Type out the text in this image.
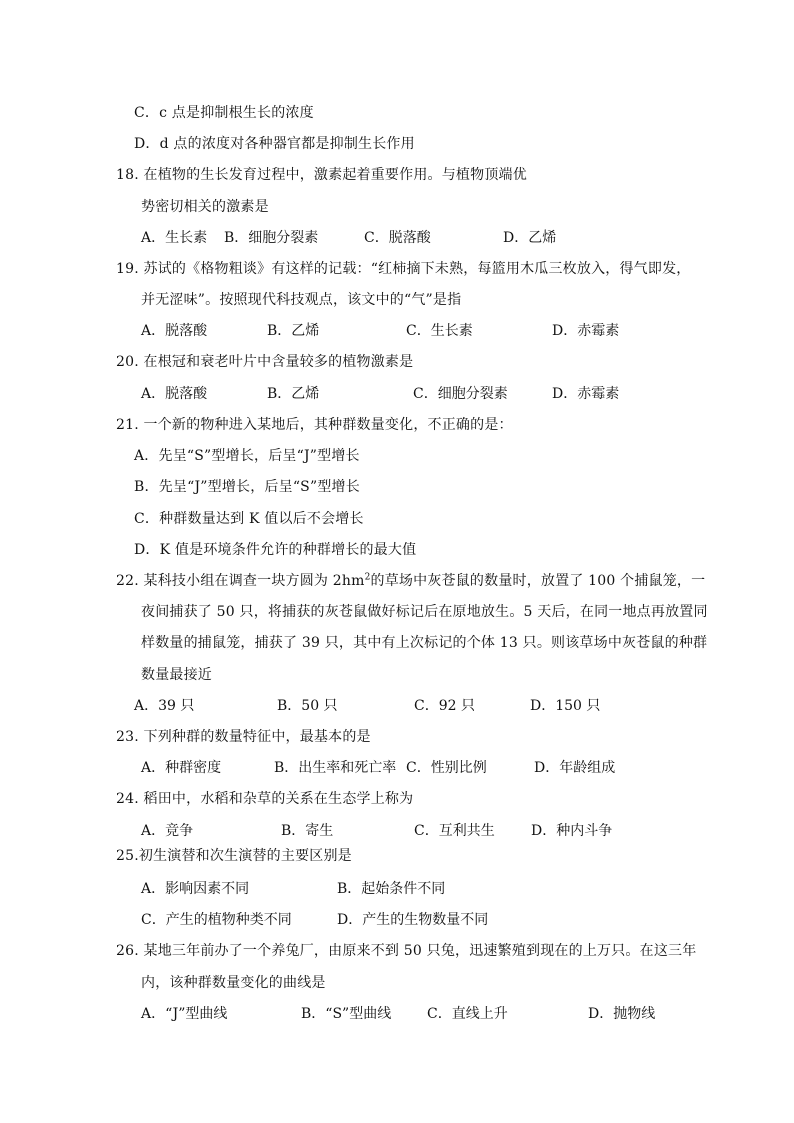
C．c 点是抑制根生长的浓度
D．d 点的浓度对各种器官都是抑制生长作用
18. 在植物的生长发育过程中，激素起着重要作用。与植物顶端优
势密切相关的激素是
A．生长素 B．细胞分裂素	C．脱落酸	D．乙烯
19. 苏试的《格物粗谈》有这样的记载：“红柿摘下未熟，每篮用木瓜三枚放入，得气即发，
并无涩味”。按照现代科技观点，该文中的“气”是指
A．脱落酸	B．乙烯	C．生长素	D．赤霉素
20. 在根冠和衰老叶片中含量较多的植物激素是
A．脱落酸	B．乙烯	C．细胞分裂素	D．赤霉素
21. 一个新的物种进入某地后，其种群数量变化，不正确的是：
A．先呈“S”型增长，后呈“J”型增长
B．先呈“J”型增长，后呈“S”型增长
C．种群数量达到 K 值以后不会增长
D．K 值是环境条件允许的种群增长的最大值
22. 某科技小组在调查一块方圆为 $2hm^2$的草场中灰苍鼠的数量时，放置了 100 个捕鼠笼，一
夜间捕获了 50 只，将捕获的灰苍鼠做好标记后在原地放生。5 天后，在同一地点再放置同
样数量的捕鼠笼，捕获了 39 只，其中有上次标记的个体 13 只。则该草场中灰苍鼠的种群
数量最接近
A．39 只	B．50 只	C．92 只	D．150 只
23. 下列种群的数量特征中，最基本的是
A．种群密度	B．出生率和死亡率 C．性别比例	D．年龄组成
24. 稻田中，水稻和杂草的关系在生态学上称为
A．竞争	B．寄生	C．互利共生	D．种内斗争
25.初生演替和次生演替的主要区别是
A．影响因素不同	B．起始条件不同
C．产生的植物种类不同	D．产生的生物数量不同
26. 某地三年前办了一个养兔厂，由原来不到 50 只兔，迅速繁殖到现在的上万只。在这三年
内，该种群数量变化的曲线是
A．“J”型曲线	B．“S”型曲线	C．直线上升	D．抛物线
